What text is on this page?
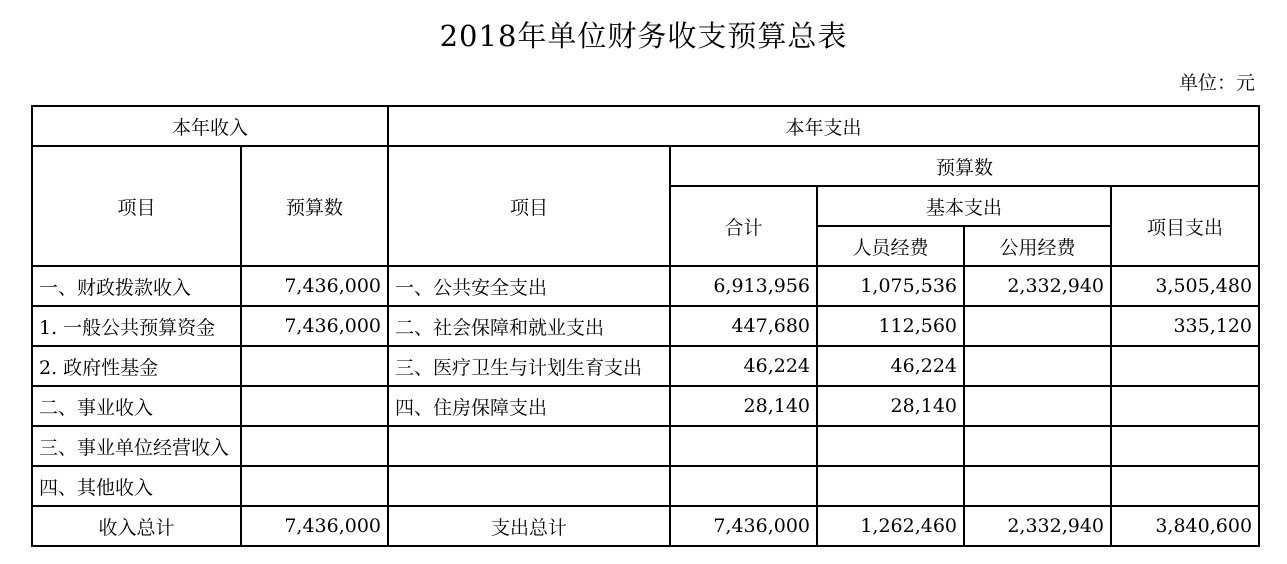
2018年单位财务收支预算总表
单位：元
本年收入		本年支出				
项目	预算数	项目	预算数			
			合计	基本支出		项目支出
				人员经费	公用经费	
一、财政拨款收入	7,436,000	一、公共安全支出	6,913,956	1,075,536	2,332,940	3,505,480
1. 一般公共预算资金	7,436,000	二、社会保障和就业支出	447,680	112,560		335,120
2. 政府性基金		三、医疗卫生与计划生育支出	46,224	46,224		
二、事业收入		四、住房保障支出	28,140	28,140		
三、事业单位经营收入						
四、其他收入						
收入总计	7,436,000	支出总计	7,436,000	1,262,460	2,332,940	3,840,600
